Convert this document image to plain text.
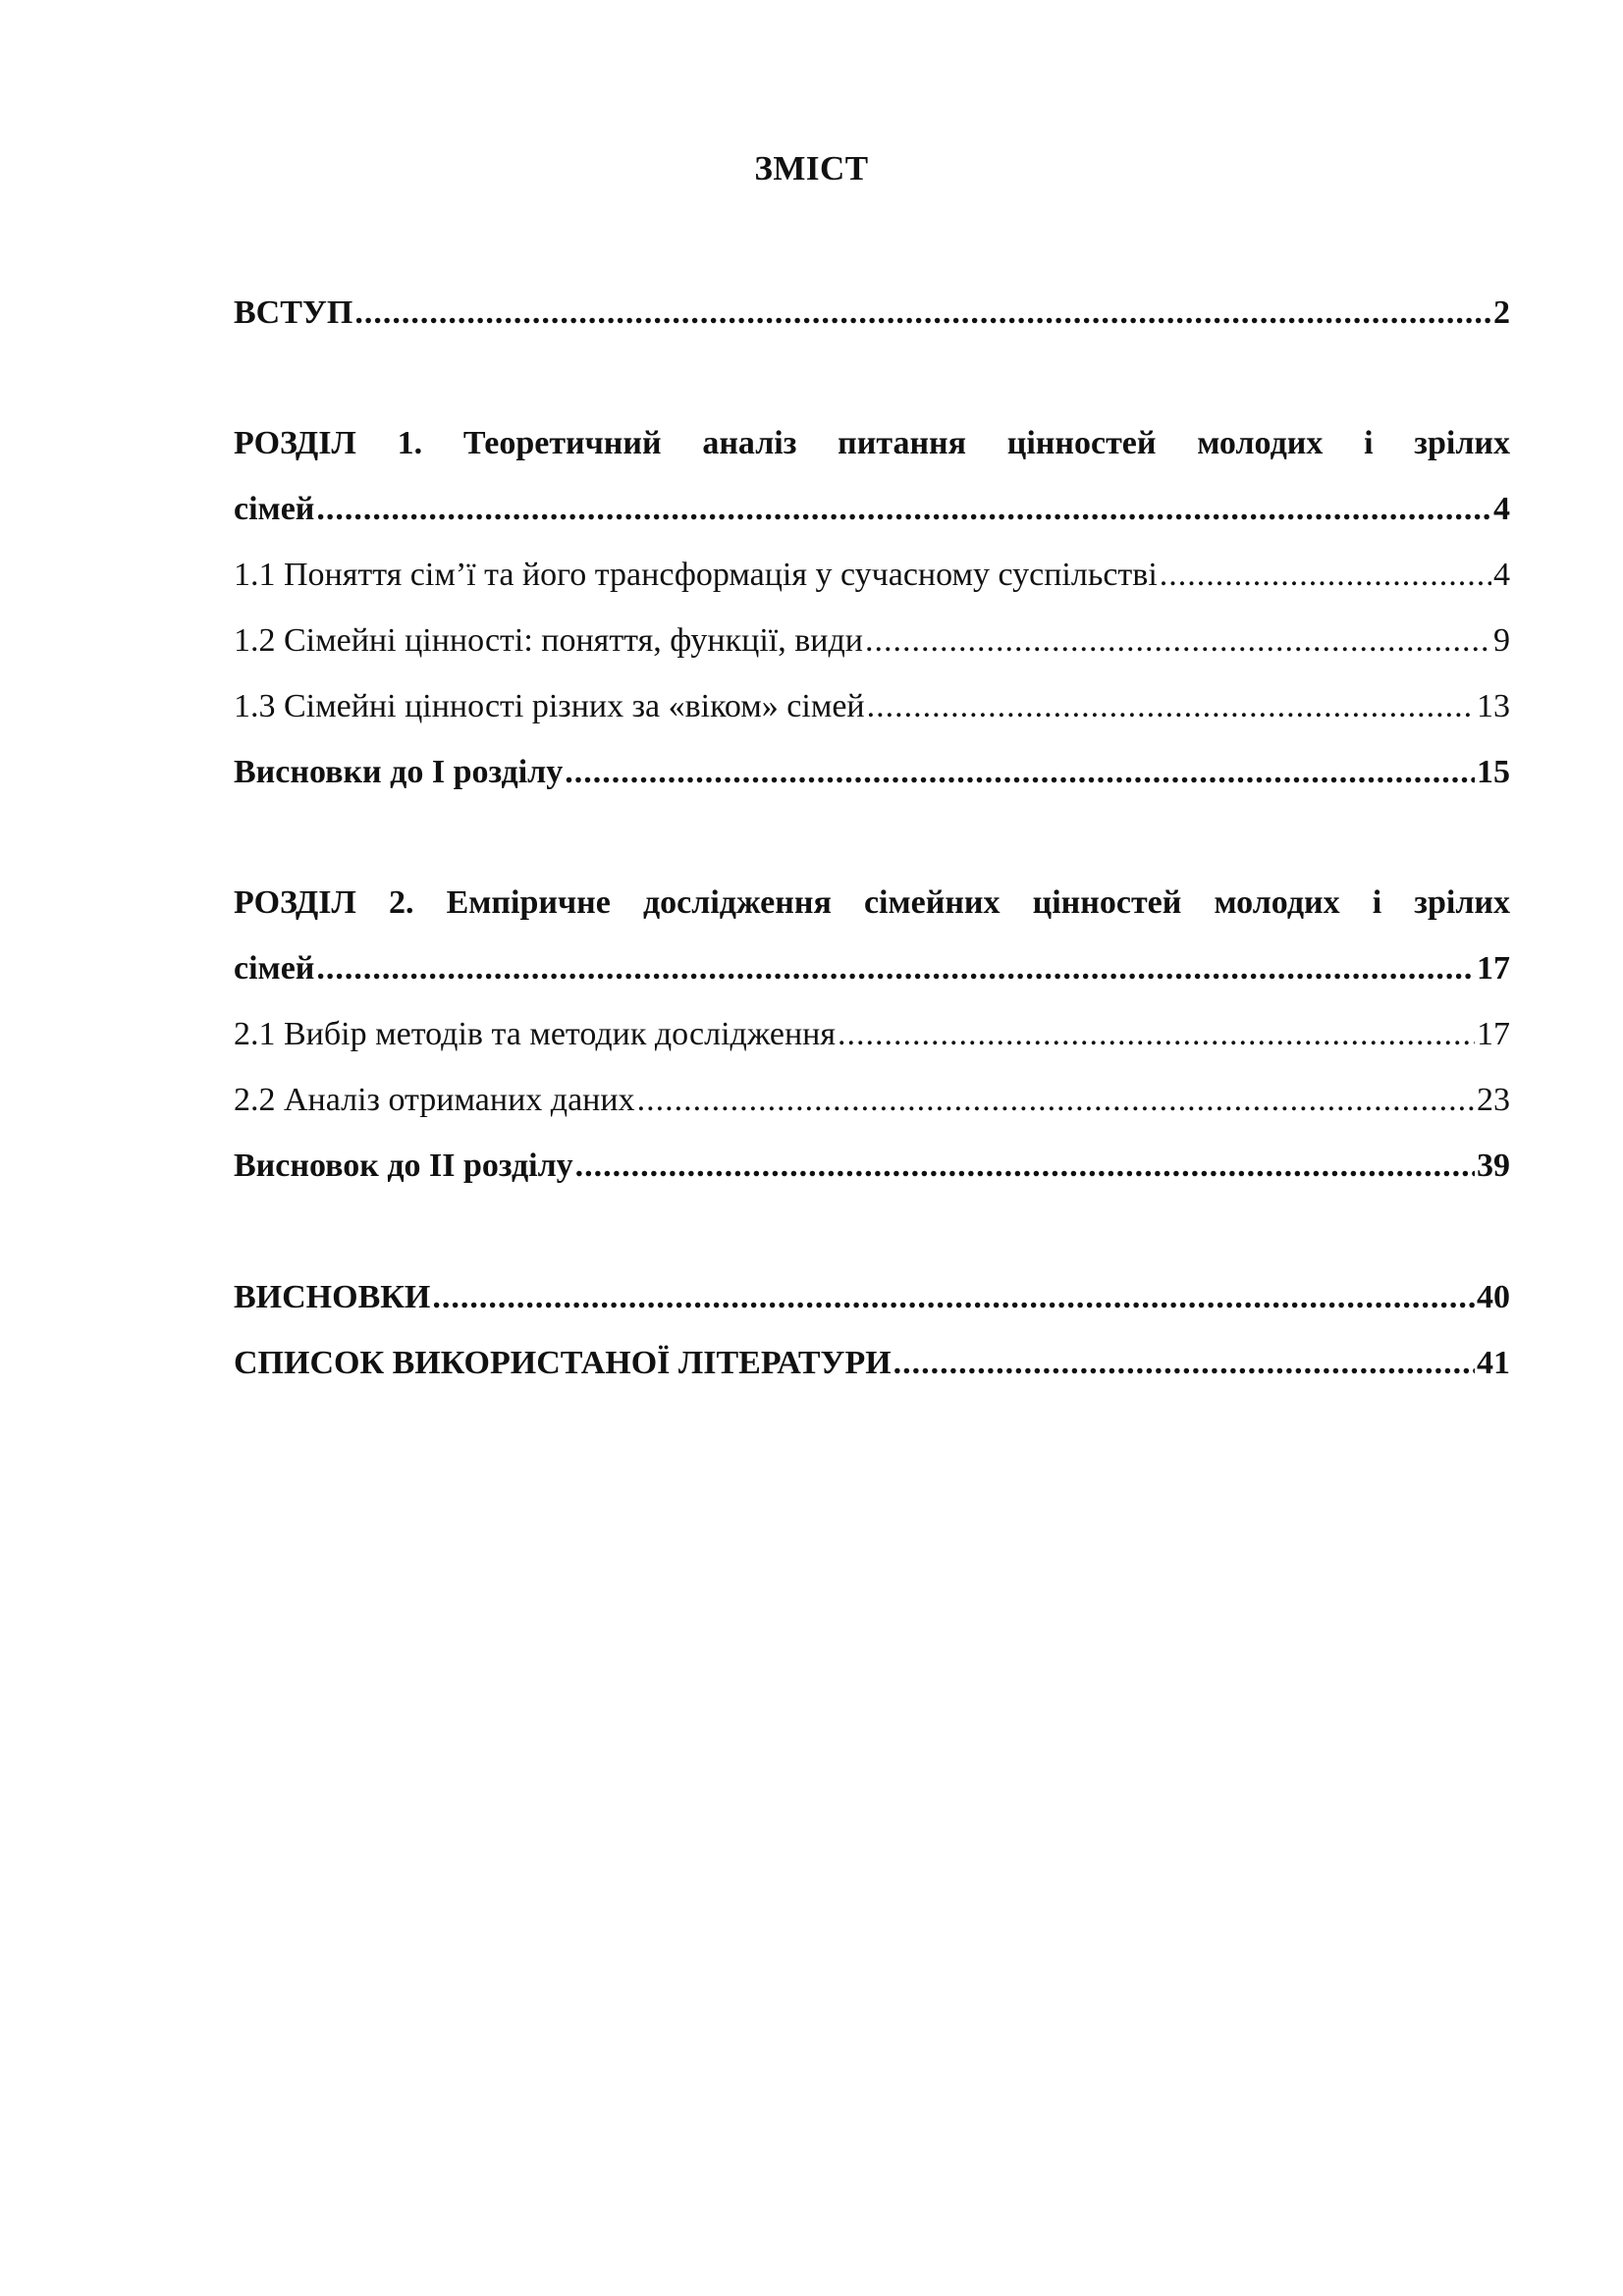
ЗМІСТ
ВСТУП .....	2
РОЗДІЛ 1. Теоретичний аналіз питання цінностей молодих і зрілих
сімей .....	4
1.1 Поняття сім’ї та його трансформація у сучасному суспільстві .....	4
1.2 Сімейні цінності: поняття, функції, види .....	9
1.3 Сімейні цінності різних за «віком» сімей .....	13
Висновки до І розділу .....	15
РОЗДІЛ 2. Емпіричне дослідження сімейних цінностей молодих і зрілих
сімей .....	17
2.1 Вибір методів та методик дослідження .....	17
2.2 Аналіз отриманих даних .....	23
Висновок до ІІ розділу .....	39
ВИСНОВКИ .....	40
СПИСОК ВИКОРИСТАНОЇ ЛІТЕРАТУРИ .....	41
